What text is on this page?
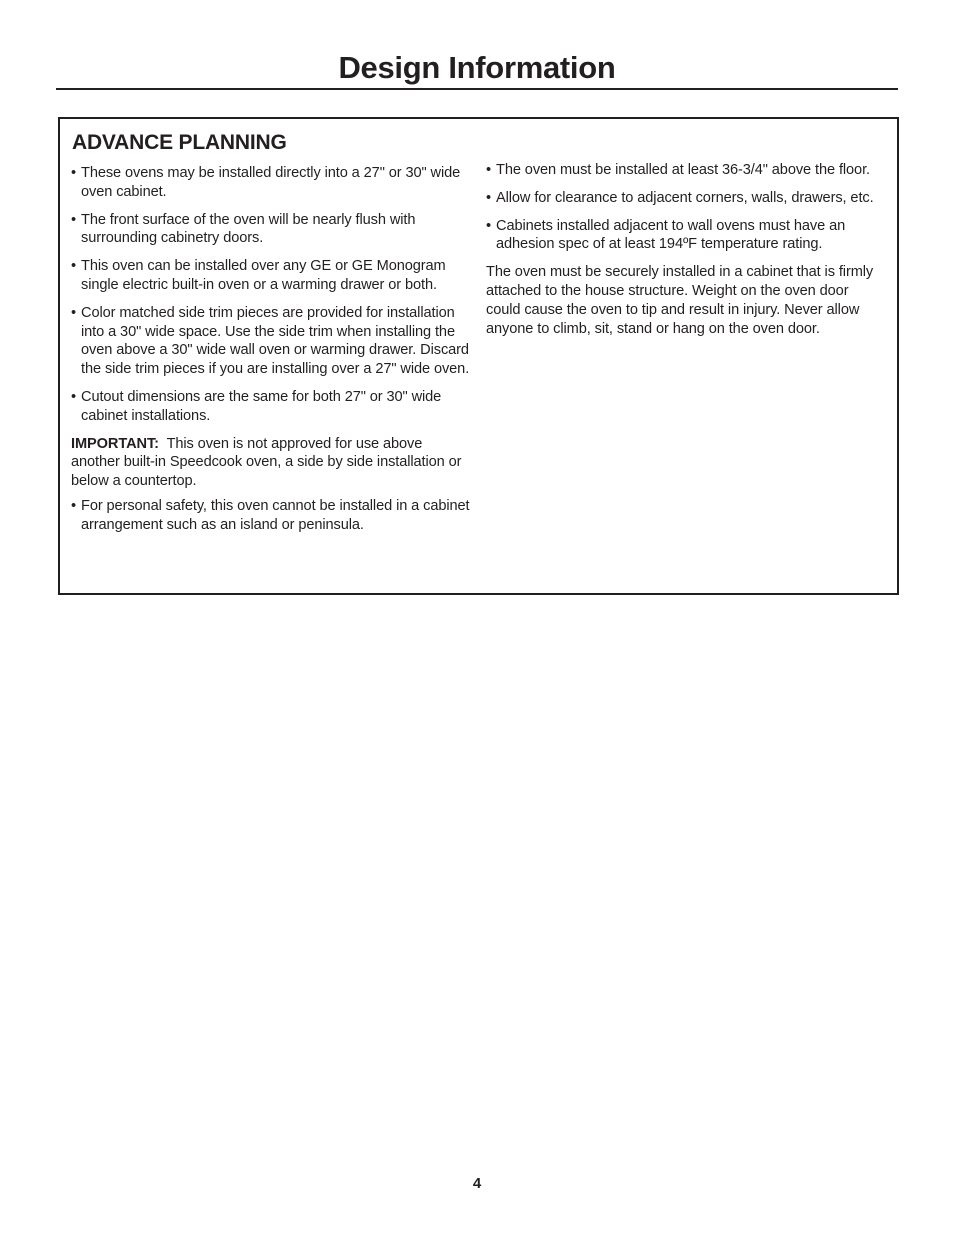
Design Information
ADVANCE PLANNING

• These ovens may be installed directly into a 27" or 30" wide oven cabinet.

• The front surface of the oven will be nearly flush with surrounding cabinetry doors.

• This oven can be installed over any GE or GE Monogram single electric built-in oven or a warming drawer or both.

• Color matched side trim pieces are provided for installation into a 30" wide space. Use the side trim when installing the oven above a 30" wide wall oven or warming drawer. Discard the side trim pieces if you are installing over a 27" wide oven.

• Cutout dimensions are the same for both 27" or 30" wide cabinet installations.

IMPORTANT: This oven is not approved for use above another built-in Speedcook oven, a side by side installation or below a countertop.

• For personal safety, this oven cannot be installed in a cabinet arrangement such as an island or peninsula.

• The oven must be installed at least 36-3/4" above the floor.

• Allow for clearance to adjacent corners, walls, drawers, etc.

• Cabinets installed adjacent to wall ovens must have an adhesion spec of at least 194ºF temperature rating.

The oven must be securely installed in a cabinet that is firmly attached to the house structure. Weight on the oven door could cause the oven to tip and result in injury. Never allow anyone to climb, sit, stand or hang on the oven door.

4
